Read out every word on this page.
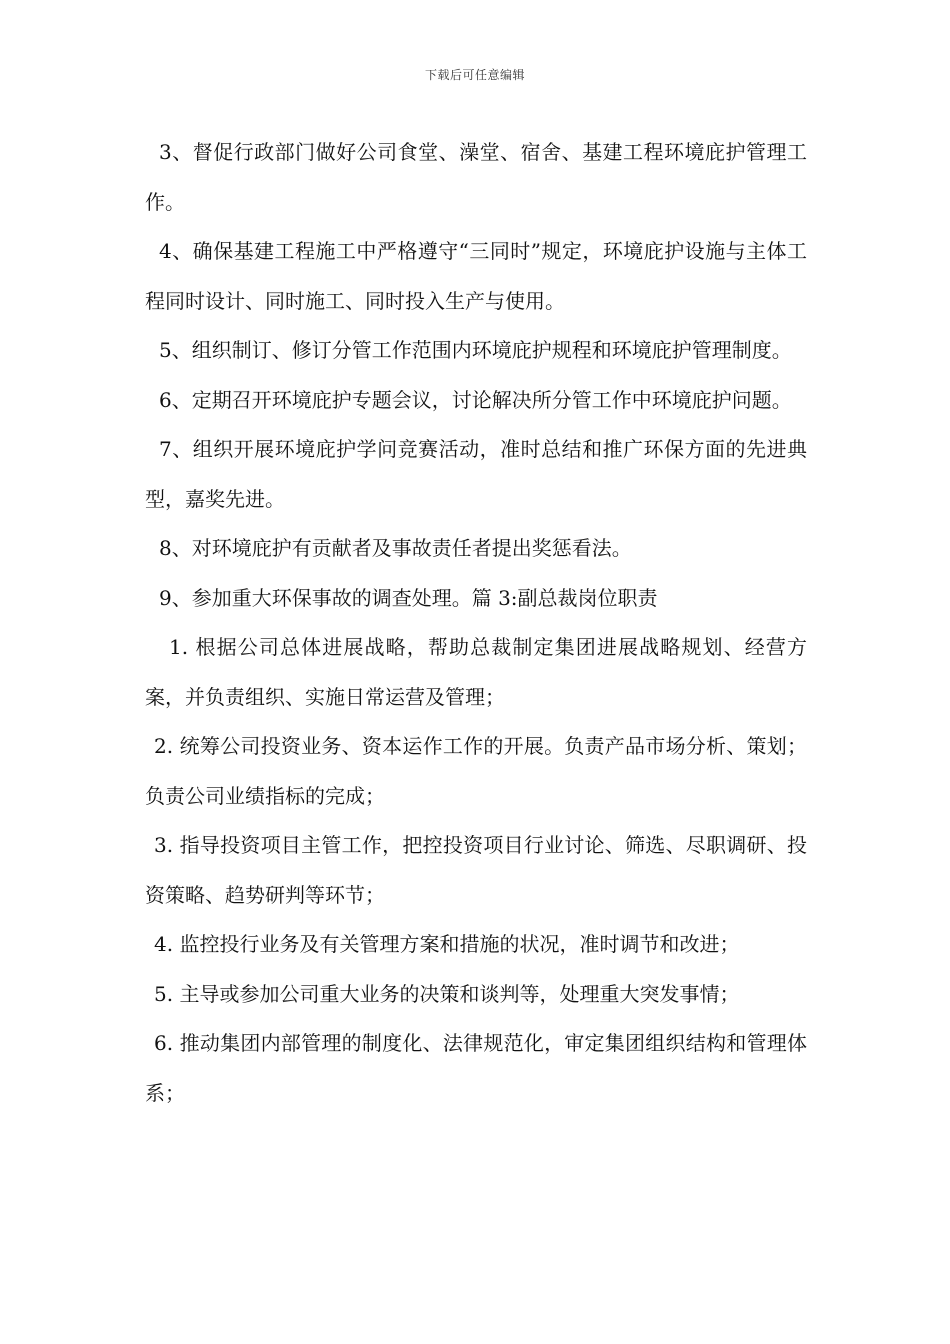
下载后可任意编辑

3、督促行政部门做好公司食堂、澡堂、宿舍、基建工程环境庇护管理工作。

4、确保基建工程施工中严格遵守“三同时”规定，环境庇护设施与主体工程同时设计、同时施工、同时投入生产与使用。

5、组织制订、修订分管工作范围内环境庇护规程和环境庇护管理制度。

6、定期召开环境庇护专题会议，讨论解决所分管工作中环境庇护问题。

7、组织开展环境庇护学问竞赛活动，准时总结和推广环保方面的先进典型，嘉奖先进。

8、对环境庇护有贡献者及事故责任者提出奖惩看法。

9、参加重大环保事故的调查处理。篇 3:副总裁岗位职责

1. 根据公司总体进展战略，帮助总裁制定集团进展战略规划、经营方案，并负责组织、实施日常运营及管理；

2. 统筹公司投资业务、资本运作工作的开展。负责产品市场分析、策划；负责公司业绩指标的完成；

3. 指导投资项目主管工作，把控投资项目行业讨论、筛选、尽职调研、投资策略、趋势研判等环节；

4. 监控投行业务及有关管理方案和措施的状况，准时调节和改进；

5. 主导或参加公司重大业务的决策和谈判等，处理重大突发事情；

6. 推动集团内部管理的制度化、法律规范化，审定集团组织结构和管理体系；
